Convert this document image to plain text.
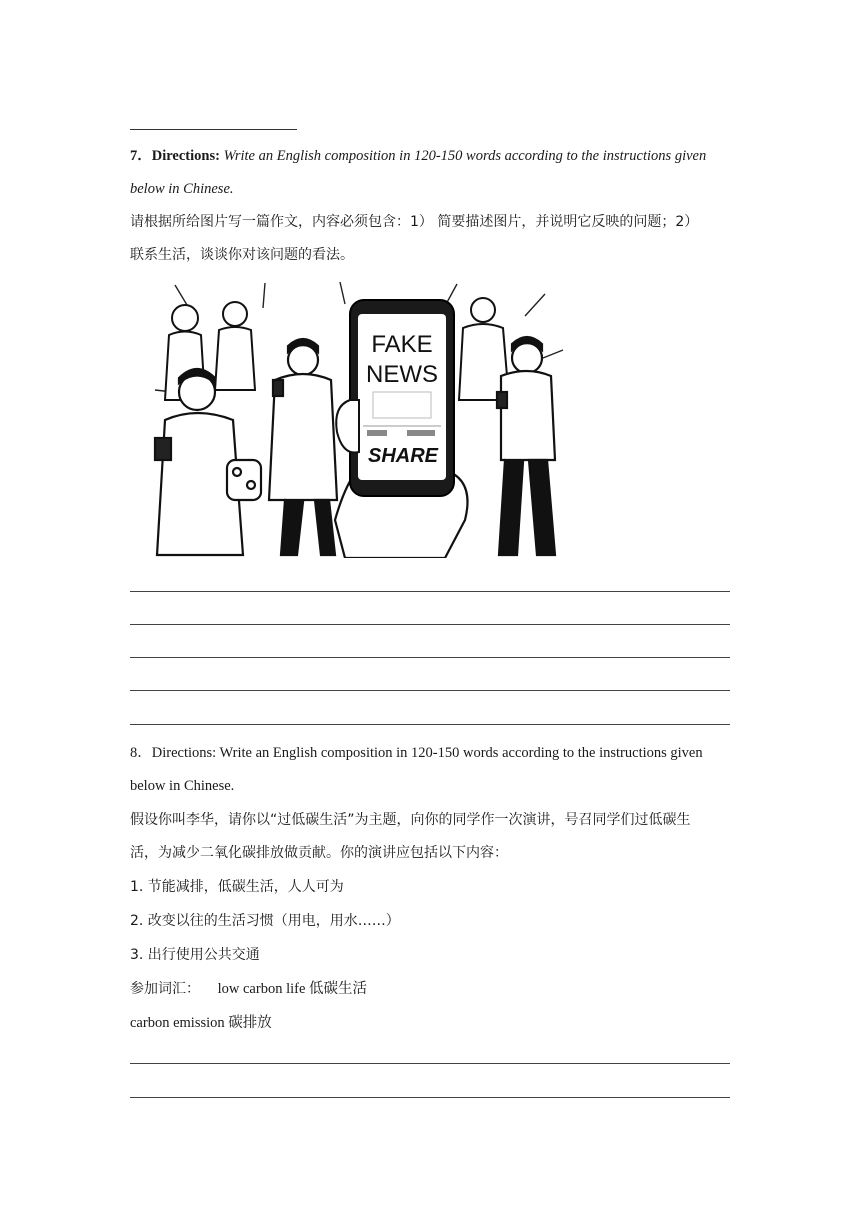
7．Directions: Write an English composition in 120-150 words according to the instructions given
below in Chinese.
请根据所给图片写一篇作文，内容必须包含：1） 简要描述图片，并说明它反映的问题；2）
联系生活，谈谈你对该问题的看法。
FAKE
NEWS
SHARE
8．Directions: Write an English composition in 120-150 words according to the instructions given
below in Chinese.
假设你叫李华，请你以“过低碳生活”为主题，向你的同学作一次演讲，号召同学们过低碳生
活，为减少二氧化碳排放做贡献。你的演讲应包括以下内容：
1. 节能减排，低碳生活，人人可为
2. 改变以往的生活习惯（用电，用水……）
3. 出行使用公共交通
参加词汇： low carbon life 低碳生活
carbon emission 碳排放
